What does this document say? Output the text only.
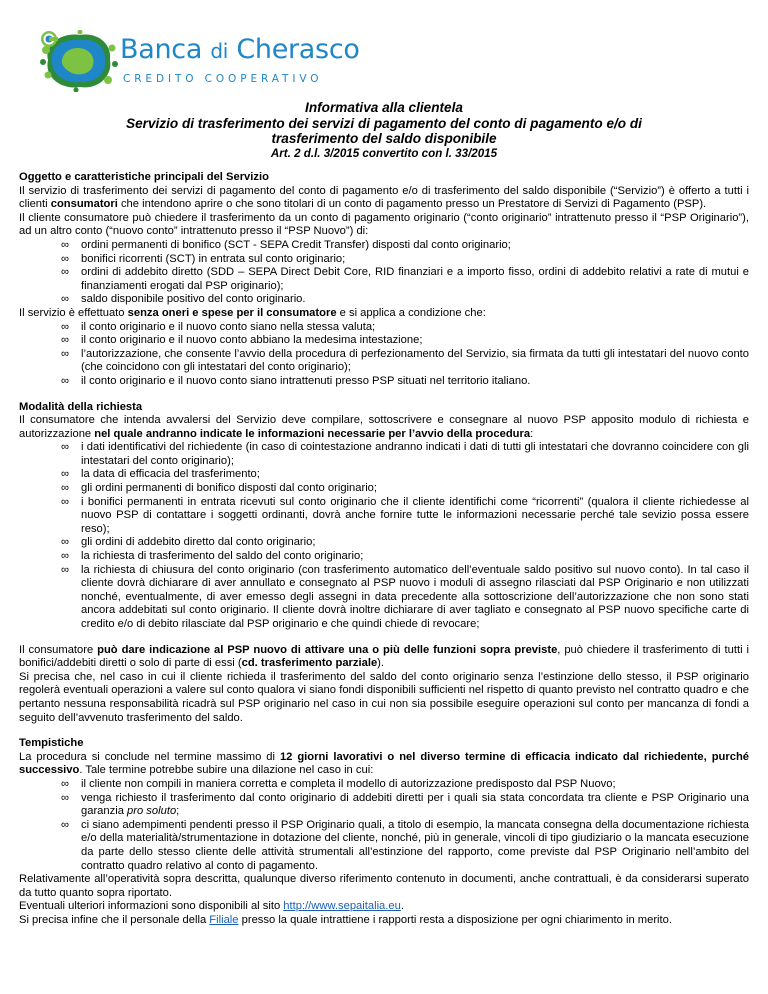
Banca di Cherasco
CREDITO COOPERATIVO
Informativa alla clientela
Servizio di trasferimento dei servizi di pagamento del conto di pagamento e/o di
trasferimento del saldo disponibile
Art. 2 d.l. 3/2015 convertito con l. 33/2015

Oggetto e caratteristiche principali del Servizio

Il servizio di trasferimento dei servizi di pagamento del conto di pagamento e/o di trasferimento del saldo disponibile (“Servizio”) è offerto a tutti i clienti consumatori che intendono aprire o che sono titolari di un conto di pagamento presso un Prestatore di Servizi di Pagamento (PSP).

Il cliente consumatore può chiedere il trasferimento da un conto di pagamento originario (“conto originario” intrattenuto presso il “PSP Originario”), ad un altro conto (“nuovo conto” intrattenuto presso il “PSP Nuovo”) di:

∞	ordini permanenti di bonifico (SCT - SEPA Credit Transfer) disposti dal conto originario;
∞	bonifici ricorrenti (SCT) in entrata sul conto originario;
∞	ordini di addebito diretto (SDD – SEPA Direct Debit Core, RID finanziari e a importo fisso, ordini di addebito relativi a rate di mutui e finanziamenti erogati dal PSP originario);
∞	saldo disponibile positivo del conto originario.

Il servizio è effettuato senza oneri e spese per il consumatore e si applica a condizione che:

∞	il conto originario e il nuovo conto siano nella stessa valuta;
∞	il conto originario e il nuovo conto abbiano la medesima intestazione;
∞	l’autorizzazione, che consente l’avvio della procedura di perfezionamento del Servizio, sia firmata da tutti gli intestatari del nuovo conto (che coincidono con gli intestatari del conto originario);
∞	il conto originario e il nuovo conto siano intrattenuti presso PSP situati nel territorio italiano.

Modalità della richiesta

Il consumatore che intenda avvalersi del Servizio deve compilare, sottoscrivere e consegnare al nuovo PSP apposito modulo di richiesta e autorizzazione nel quale andranno indicate le informazioni necessarie per l’avvio della procedura:

∞	i dati identificativi del richiedente (in caso di cointestazione andranno indicati i dati di tutti gli intestatari che dovranno coincidere con gli intestatari del conto originario);
∞	la data di efficacia del trasferimento;
∞	gli ordini permanenti di bonifico disposti dal conto originario;
∞	i bonifici permanenti in entrata ricevuti sul conto originario che il cliente identifichi come “ricorrenti” (qualora il cliente richiedesse al nuovo PSP di contattare i soggetti ordinanti, dovrà anche fornire tutte le informazioni necessarie perché tale sevizio possa essere reso);
∞	gli ordini di addebito diretto dal conto originario;
∞	la richiesta di trasferimento del saldo del conto originario;
∞	la richiesta di chiusura del conto originario (con trasferimento automatico dell’eventuale saldo positivo sul nuovo conto). In tal caso il cliente dovrà dichiarare di aver annullato e consegnato al PSP nuovo i moduli di assegno rilasciati dal PSP Originario e non utilizzati nonché, eventualmente, di aver emesso degli assegni in data precedente alla sottoscrizione dell’autorizzazione che non sono stati ancora addebitati sul conto originario. Il cliente dovrà inoltre dichiarare di aver tagliato e consegnato al PSP nuovo specifiche carte di credito e/o di debito rilasciate dal PSP originario e che quindi chiede di revocare;

Il consumatore può dare indicazione al PSP nuovo di attivare una o più delle funzioni sopra previste, può chiedere il trasferimento di tutti i bonifici/addebiti diretti o solo di parte di essi (cd. trasferimento parziale).

Si precisa che, nel caso in cui il cliente richieda il trasferimento del saldo del conto originario senza l’estinzione dello stesso, il PSP originario regolerà eventuali operazioni a valere sul conto qualora vi siano fondi disponibili sufficienti nel rispetto di quanto previsto nel contratto quadro e che pertanto nessuna responsabilità ricadrà sul PSP originario nel caso in cui non sia possibile eseguire operazioni sul conto per mancanza di fondi a seguito dell’avvenuto trasferimento del saldo.

Tempistiche

La procedura si conclude nel termine massimo di 12 giorni lavorativi o nel diverso termine di efficacia indicato dal richiedente, purché successivo. Tale termine potrebbe subire una dilazione nel caso in cui:

∞	il cliente non compili in maniera corretta e completa il modello di autorizzazione predisposto dal PSP Nuovo;
∞	venga richiesto il trasferimento dal conto originario di addebiti diretti per i quali sia stata concordata tra cliente e PSP Originario una garanzia pro soluto;
∞	ci siano adempimenti pendenti presso il PSP Originario quali, a titolo di esempio, la mancata consegna della documentazione richiesta e/o della materialità/strumentazione in dotazione del cliente, nonché, più in generale, vincoli di tipo giudiziario o la mancata esecuzione da parte dello stesso cliente delle attività strumentali all’estinzione del rapporto, come previste dal PSP Originario nell’ambito del contratto quadro relativo al conto di pagamento.

Relativamente all’operatività sopra descritta, qualunque diverso riferimento contenuto in documenti, anche contrattuali, è da considerarsi superato da tutto quanto sopra riportato.

Eventuali ulteriori informazioni sono disponibili al sito http://www.sepaitalia.eu.

Si precisa infine che il personale della Filiale presso la quale intrattiene i rapporti resta a disposizione per ogni chiarimento in merito.
